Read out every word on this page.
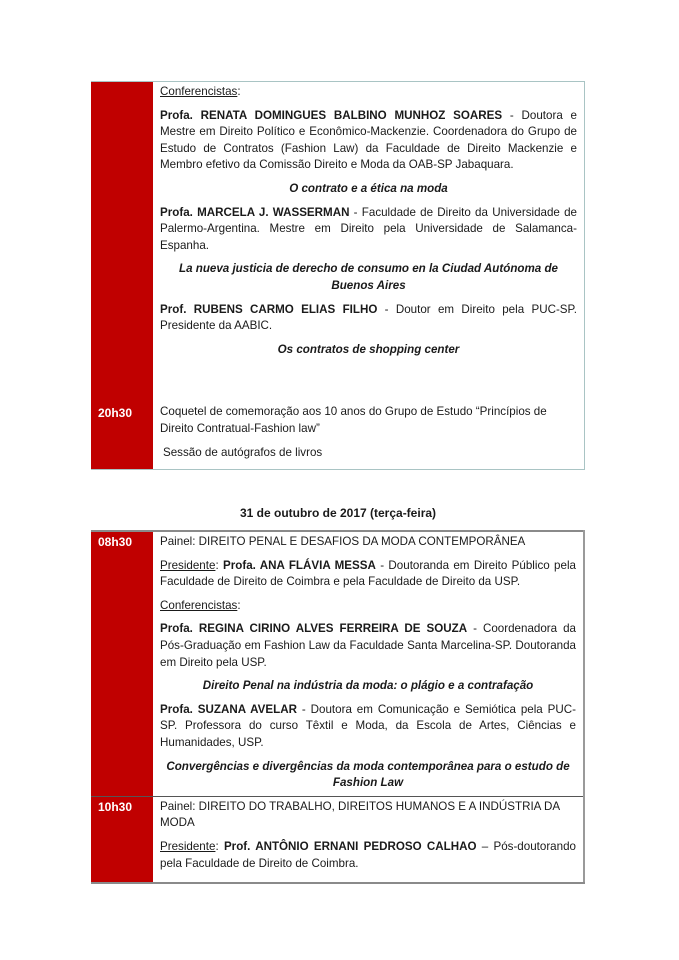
Conferencistas:

Profa. RENATA DOMINGUES BALBINO MUNHOZ SOARES - Doutora e Mestre em Direito Político e Econômico-Mackenzie. Coordenadora do Grupo de Estudo de Contratos (Fashion Law) da Faculdade de Direito Mackenzie e Membro efetivo da Comissão Direito e Moda da OAB-SP Jabaquara.

O contrato e a ética na moda

Profa. MARCELA J. WASSERMAN - Faculdade de Direito da Universidade de Palermo-Argentina. Mestre em Direito pela Universidade de Salamanca-Espanha.

La nueva justicia de derecho de consumo en la Ciudad Autónoma de Buenos Aires

Prof. RUBENS CARMO ELIAS FILHO - Doutor em Direito pela PUC-SP. Presidente da AABIC.

Os contratos de shopping center

20h30	Coquetel de comemoração aos 10 anos do Grupo de Estudo “Princípios de Direito Contratual-Fashion law”

Sessão de autógrafos de livros

31 de outubro de 2017 (terça-feira)
08h30	Painel: DIREITO PENAL E DESAFIOS DA MODA CONTEMPORÂNEA

Presidente: Profa. ANA FLÁVIA MESSA - Doutoranda em Direito Público pela Faculdade de Direito de Coimbra e pela Faculdade de Direito da USP.

Conferencistas:

Profa. REGINA CIRINO ALVES FERREIRA DE SOUZA - Coordenadora da Pós-Graduação em Fashion Law da Faculdade Santa Marcelina-SP. Doutoranda em Direito pela USP.

Direito Penal na indústria da moda: o plágio e a contrafação

Profa. SUZANA AVELAR - Doutora em Comunicação e Semiótica pela PUC-SP. Professora do curso Têxtil e Moda, da Escola de Artes, Ciências e Humanidades, USP.

Convergências e divergências da moda contemporânea para o estudo de Fashion Law

10h30	Painel: DIREITO DO TRABALHO, DIREITOS HUMANOS E A INDÚSTRIA DA MODA

Presidente: Prof. ANTÔNIO ERNANI PEDROSO CALHAO – Pós-doutorando pela Faculdade de Direito de Coimbra.
